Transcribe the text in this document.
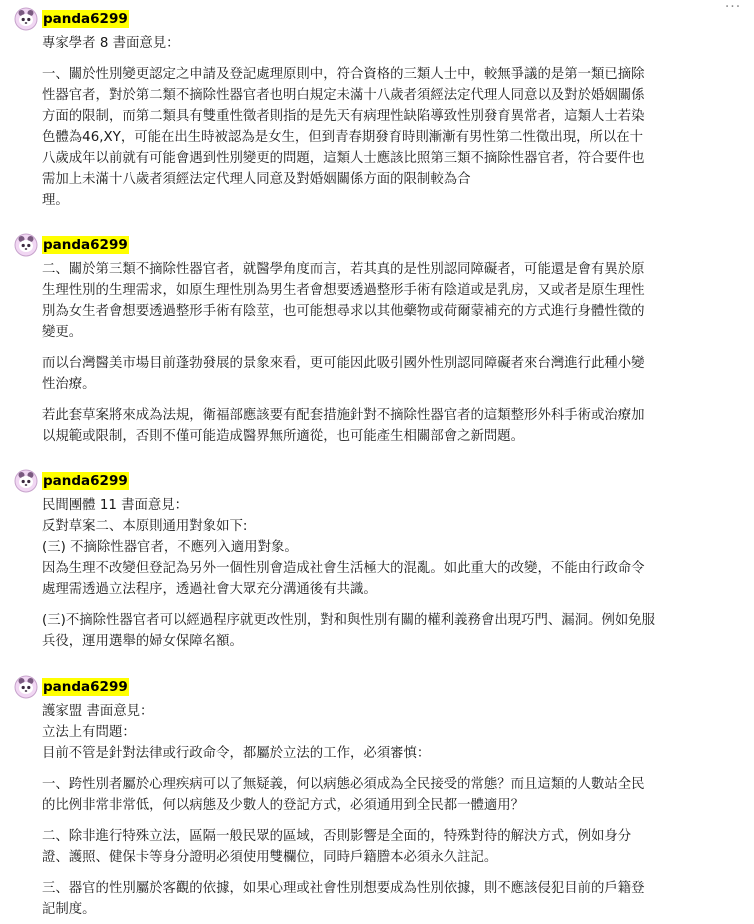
···
panda6299

專家學者 8 書面意見：

一、關於性別變更認定之申請及登記處理原則中，符合資格的三類人士中，較無爭議的是第一類已摘除

性器官者，對於第二類不摘除性器官者也明白規定未滿十八歲者須經法定代理人同意以及對於婚姻關係

方面的限制，而第二類具有雙重性徵者則指的是先天有病理性缺陷導致性別發育異常者，這類人士若染

色體為46,XY，可能在出生時被認為是女生，但到青春期發育時則漸漸有男性第二性徵出現，所以在十

八歲成年以前就有可能會遇到性別變更的問題，這類人士應該比照第三類不摘除性器官者，符合要件也

需加上未滿十八歲者須經法定代理人同意及對婚姻關係方面的限制較為合

理。

panda6299

二、關於第三類不摘除性器官者，就醫學角度而言，若其真的是性別認同障礙者，可能還是會有異於原

生理性別的生理需求，如原生理性別為男生者會想要透過整形手術有陰道或是乳房，又或者是原生理性

別為女生者會想要透過整形手術有陰莖，也可能想尋求以其他藥物或荷爾蒙補充的方式進行身體性徵的

變更。

而以台灣醫美市場目前蓬勃發展的景象來看，更可能因此吸引國外性別認同障礙者來台灣進行此種小變

性治療。

若此套草案將來成為法規，衛福部應該要有配套措施針對不摘除性器官者的這類整形外科手術或治療加

以規範或限制，否則不僅可能造成醫界無所適從，也可能產生相關部會之新問題。

panda6299

民間團體 11 書面意見：

反對草案二、本原則通用對象如下:

(三) 不摘除性器官者，不應列入適用對象。

因為生理不改變但登記為另外一個性別會造成社會生活極大的混亂。如此重大的改變，不能由行政命令

處理需透過立法程序，透過社會大眾充分溝通後有共識。

(三)不摘除性器官者可以經過程序就更改性別，對和與性別有關的權利義務會出現巧門、漏洞。例如免服

兵役，運用選舉的婦女保障名額。

panda6299

護家盟 書面意見：

立法上有問題：

目前不管是針對法律或行政命令，都屬於立法的工作，必須審慎：

一、跨性別者屬於心理疾病可以了無疑義，何以病態必須成為全民接受的常態？而且這類的人數站全民

的比例非常非常低，何以病態及少數人的登記方式，必須通用到全民都一體適用？

二、除非進行特殊立法，區隔一般民眾的區域，否則影響是全面的，特殊對待的解決方式，例如身分

證、護照、健保卡等身分證明必須使用雙欄位，同時戶籍謄本必須永久註記。

三、器官的性別屬於客觀的依據，如果心理或社會性別想要成為性別依據，則不應該侵犯目前的戶籍登

記制度。
